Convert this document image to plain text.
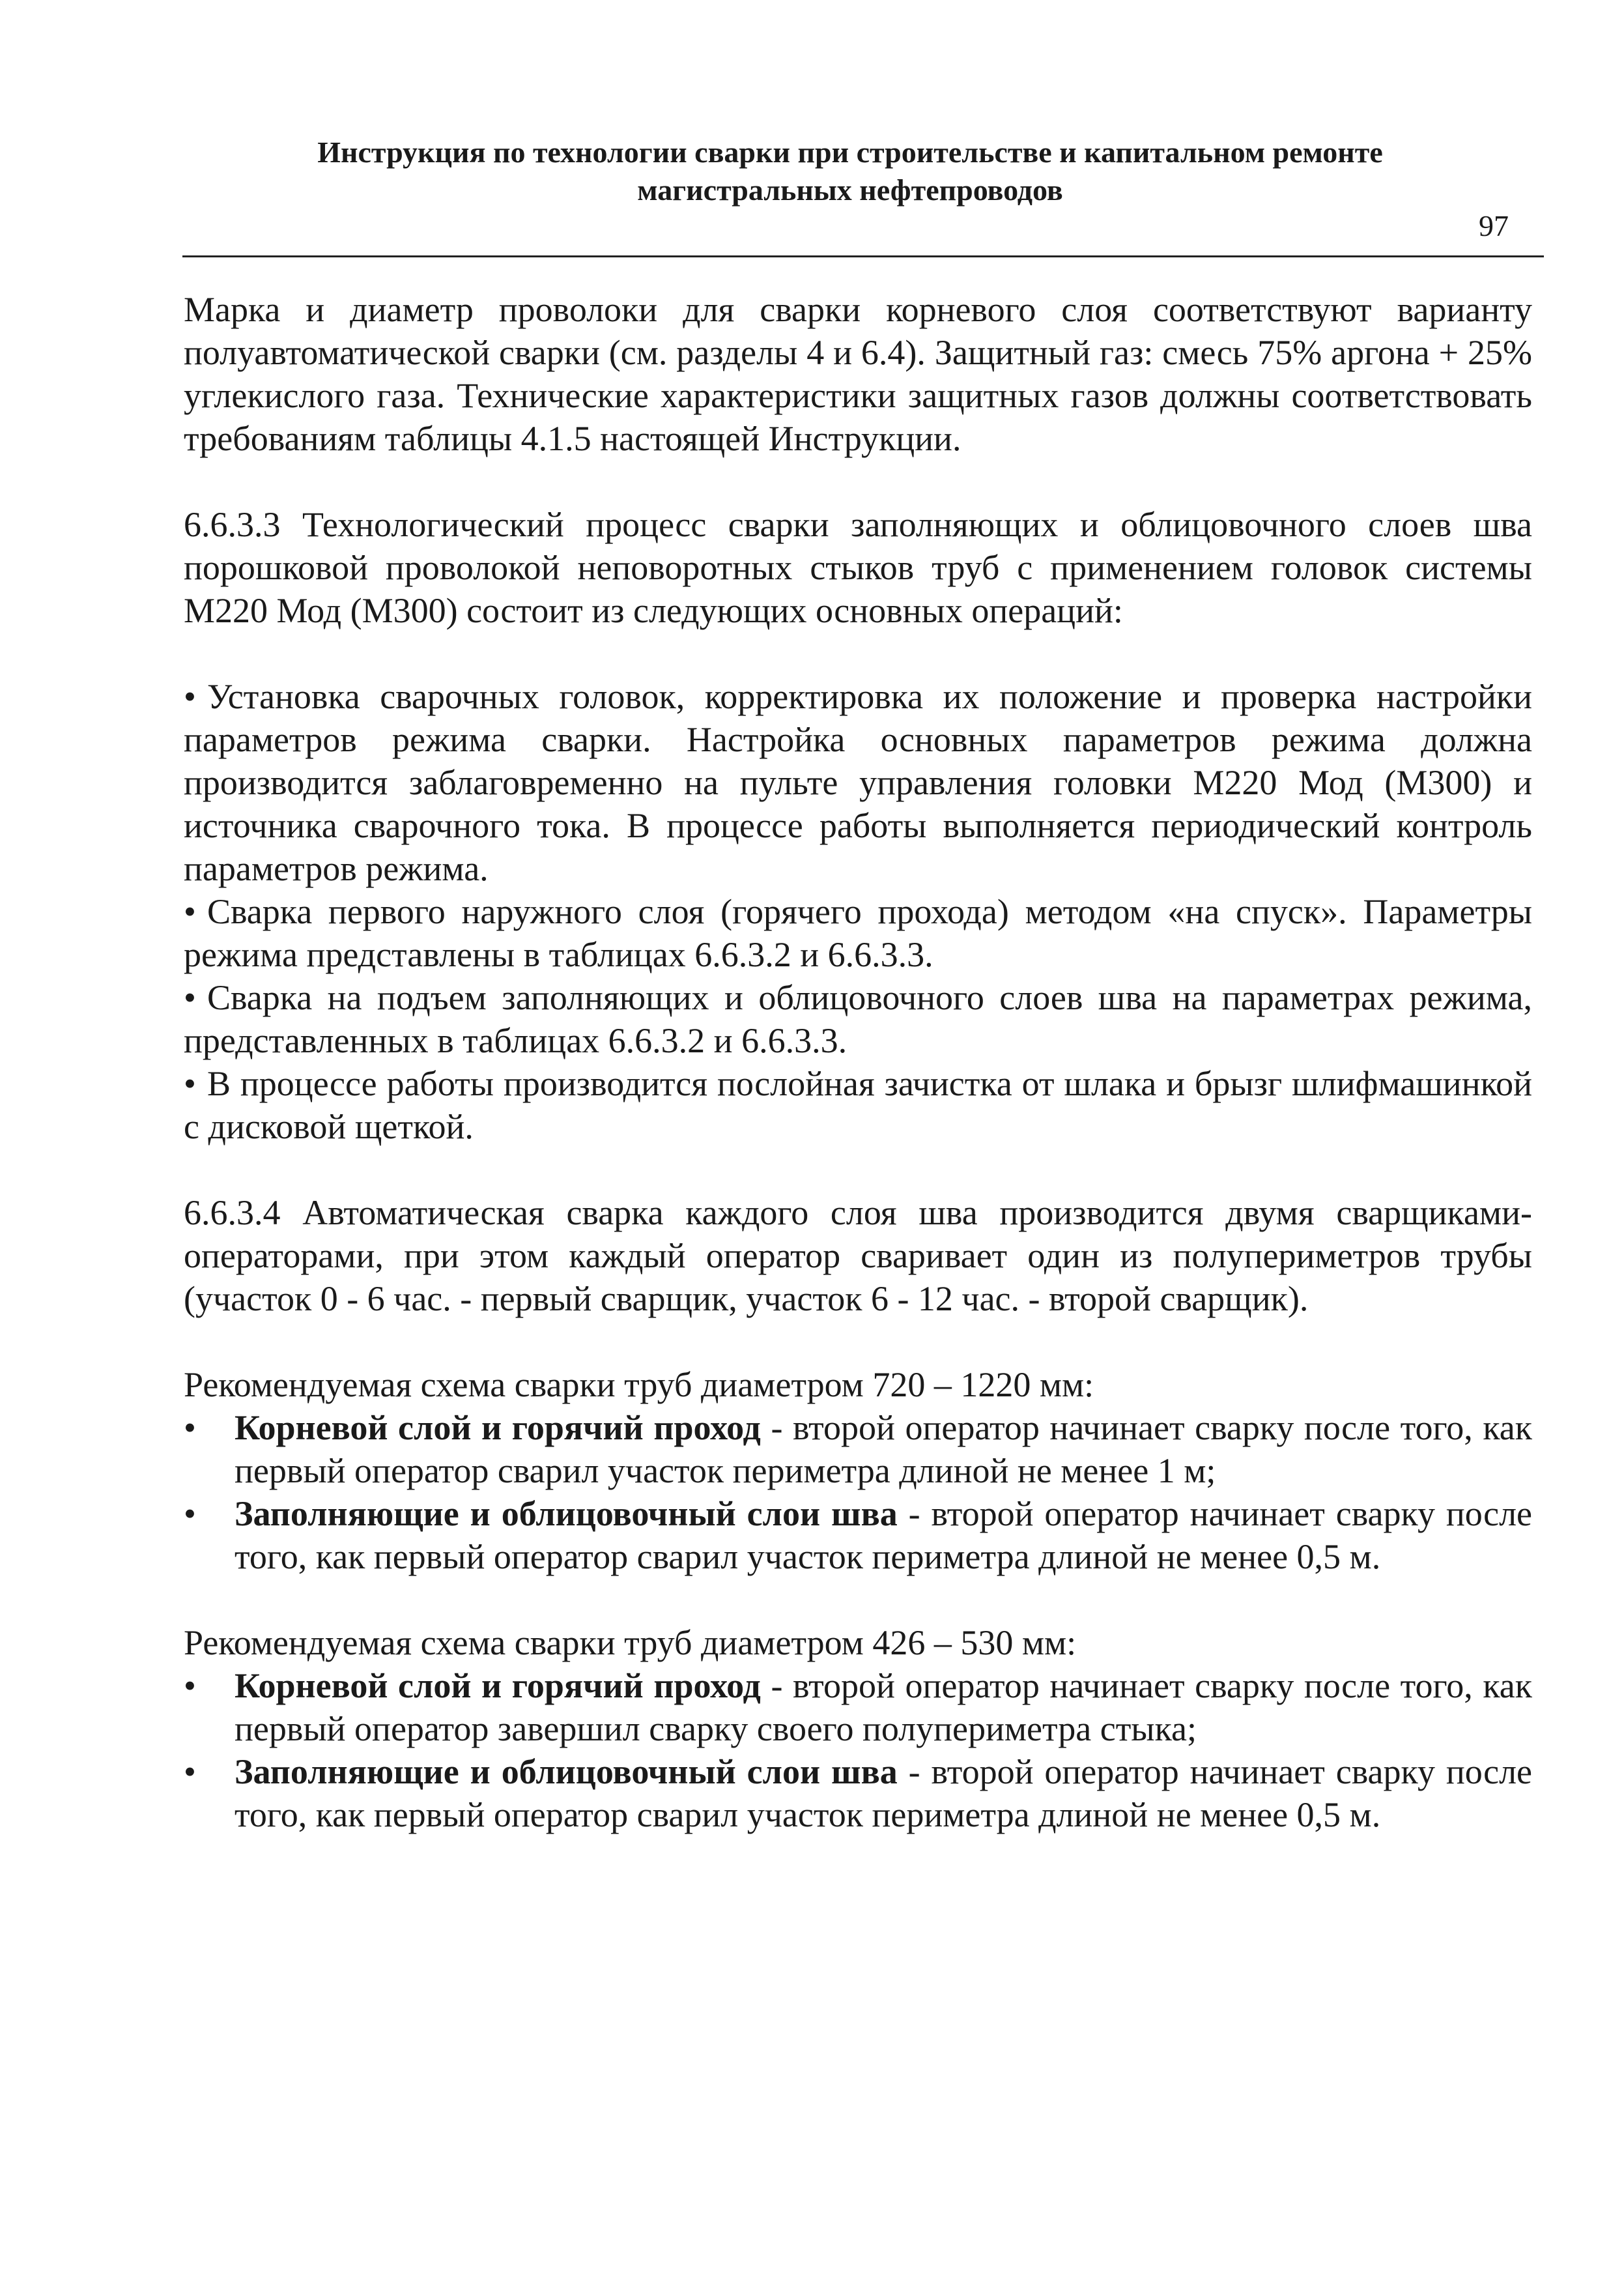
Инструкция по технологии сварки при строительстве и капитальном ремонте
магистральных нефтепроводов
97

Марка и диаметр проволоки для сварки корневого слоя соответствуют варианту полуавтоматической сварки (см. разделы 4 и 6.4). Защитный газ: смесь 75% аргона + 25% углекислого газа. Технические характеристики защитных газов должны соответствовать требованиям таблицы 4.1.5 настоящей Инструкции.

6.6.3.3 Технологический процесс сварки заполняющих и облицовочного слоев шва порошковой проволокой неповоротных стыков труб с применением головок системы М220 Мод (М300) состоит из следующих основных операций:

• Установка сварочных головок, корректировка их положение и проверка настройки параметров режима сварки. Настройка основных параметров режима должна производится заблаговременно на пульте управления головки М220 Мод (М300) и источника сварочного тока. В процессе работы выполняется периодический контроль параметров режима.

• Сварка первого наружного слоя (горячего прохода) методом «на спуск». Параметры режима представлены в таблицах 6.6.3.2 и 6.6.3.3.

• Сварка на подъем заполняющих и облицовочного слоев шва на параметрах режима, представленных в таблицах 6.6.3.2 и 6.6.3.3.

• В процессе работы производится послойная зачистка от шлака и брызг шлифмашинкой с дисковой щеткой.

6.6.3.4 Автоматическая сварка каждого слоя шва производится двумя сварщиками-операторами, при этом каждый оператор сваривает один из полупериметров трубы (участок 0 - 6 час. - первый сварщик, участок 6 - 12 час. - второй сварщик).

Рекомендуемая схема сварки труб диаметром 720 – 1220 мм:

•	Корневой слой и горячий проход - второй оператор начинает сварку после того, как первый оператор сварил участок периметра длиной не менее 1 м;
•	Заполняющие и облицовочный слои шва - второй оператор начинает сварку после того, как первый оператор сварил участок периметра длиной не менее 0,5 м.

Рекомендуемая схема сварки труб диаметром 426 – 530 мм:

•	Корневой слой и горячий проход - второй оператор начинает сварку после того, как первый оператор завершил сварку своего полупериметра стыка;
•	Заполняющие и облицовочный слои шва - второй оператор начинает сварку после того, как первый оператор сварил участок периметра длиной не менее 0,5 м.
